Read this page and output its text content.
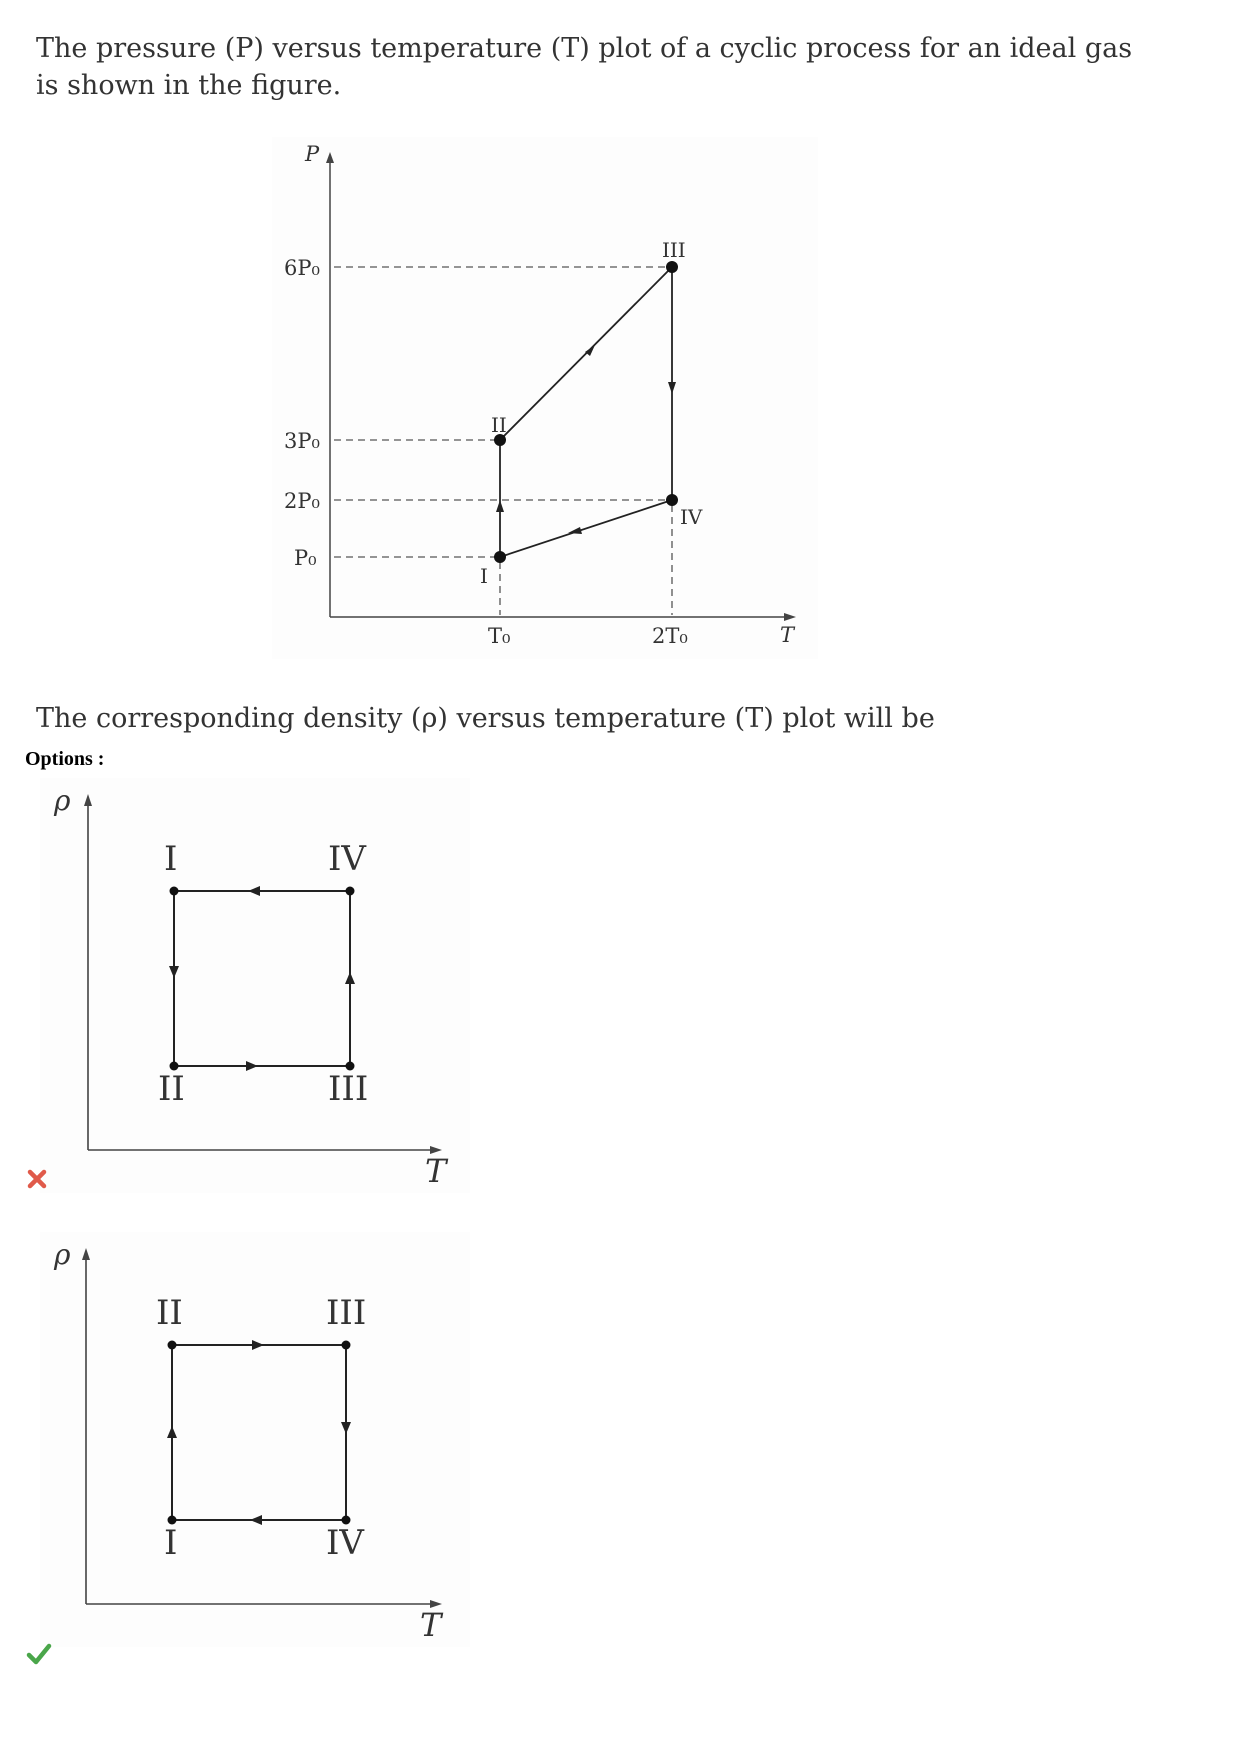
The pressure (P) versus temperature (T) plot of a cyclic process for an ideal gas is shown in the figure.

P
T
6P₀
3P₀
2P₀
P₀
T₀	2T₀
I
II
III
IV

The corresponding density (ρ) versus temperature (T) plot will be

Options :
ρ
T
I	IV
II	III
ρ
T
II	III
I	IV
